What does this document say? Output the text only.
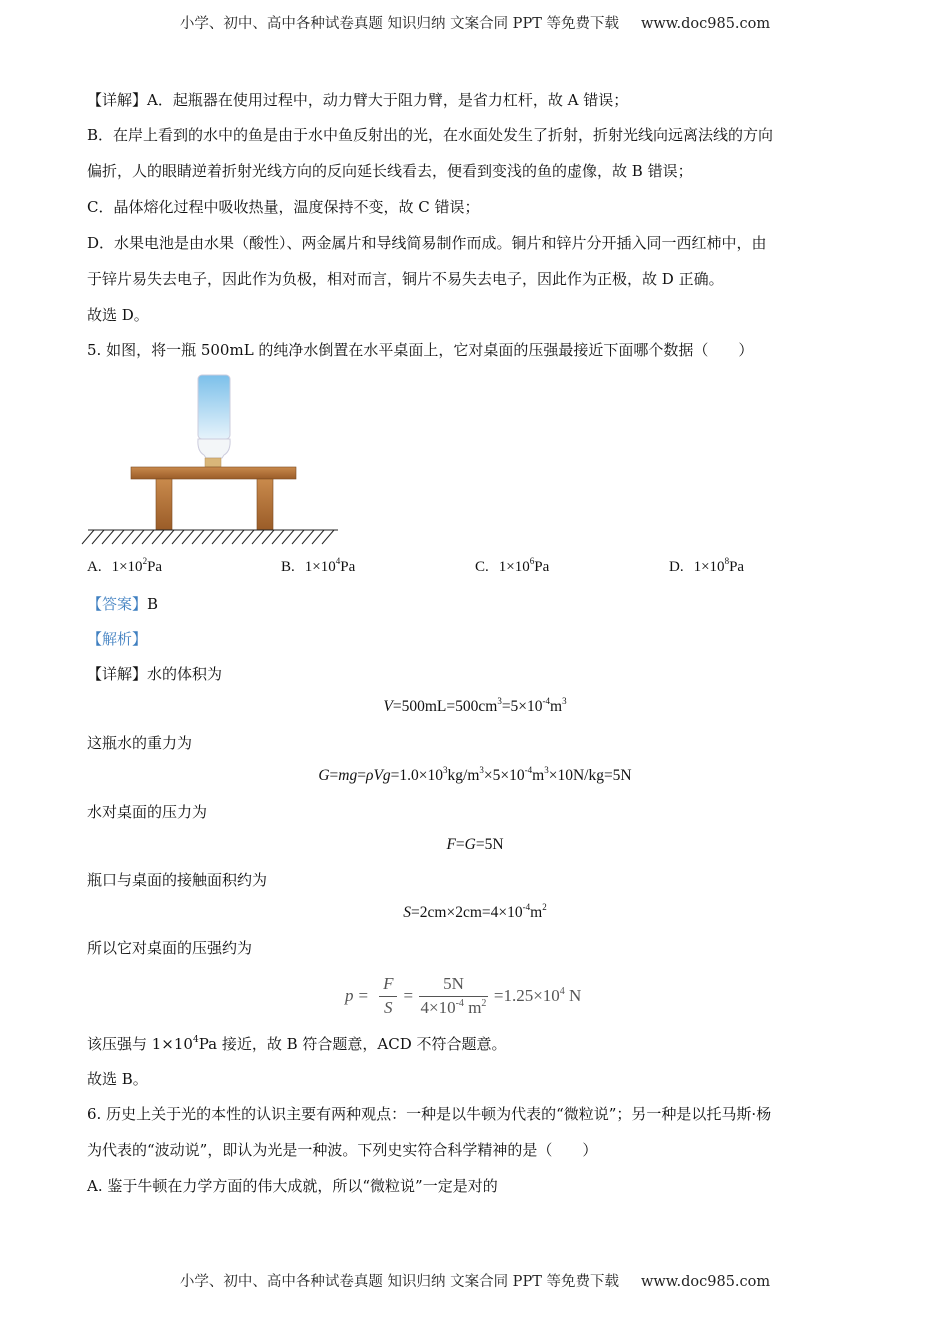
小学、初中、高中各种试卷真题 知识归纳 文案合同 PPT 等免费下载 www.doc985.com
【详解】A．起瓶器在使用过程中，动力臂大于阻力臂，是省力杠杆，故 A 错误；
B．在岸上看到的水中的鱼是由于水中鱼反射出的光，在水面处发生了折射，折射光线向远离法线的方向
偏折，人的眼睛逆着折射光线方向的反向延长线看去，便看到变浅的鱼的虚像，故 B 错误；
C．晶体熔化过程中吸收热量，温度保持不变，故 C 错误；
D．水果电池是由水果（酸性）、两金属片和导线简易制作而成。铜片和锌片分开插入同一西红柿中，由
于锌片易失去电子，因此作为负极，相对而言，铜片不易失去电子，因此作为正极，故 D 正确。
故选 D。
5. 如图，将一瓶 500mL 的纯净水倒置在水平桌面上，它对桌面的压强最接近下面哪个数据（　　）
【答案】B
【解析】
【详解】水的体积为
$V=500mL=500cm^3=5\times 10^{-4}m^3$
这瓶水的重力为
$G=mg=\rho Vg=1.0\times 10^3kg/m^3\times 5\times 10^{-4}m^3\times 10N/kg=5N$
水对桌面的压力为
F=G=5N
瓶口与桌面的接触面积约为
$S=2cm\times 2cm=4\times 10^{-4}m^2$
所以它对桌面的压强约为
该压强与 $1\times 10^4Pa$ 接近，故 B 符合题意，ACD 不符合题意。
故选 B。
6. 历史上关于光的本性的认识主要有两种观点：一种是以牛顿为代表的“微粒说”；另一种是以托马斯·杨
为代表的“波动说”，即认为光是一种波。下列史实符合科学精神的是（　　）
A. 鉴于牛顿在力学方面的伟大成就，所以“微粒说”一定是对的
A. $1\times 10^2Pa$	B. $1\times 10^4Pa$	C. $1\times 10^6Pa$	D. $1\times 10^8Pa$
$p = \frac{F}{S} = \frac{5N}{4\times 10^{-4} m^2} =1.25\times 10^4$ N
小学、初中、高中各种试卷真题 知识归纳 文案合同 PPT 等免费下载 www.doc985.com
